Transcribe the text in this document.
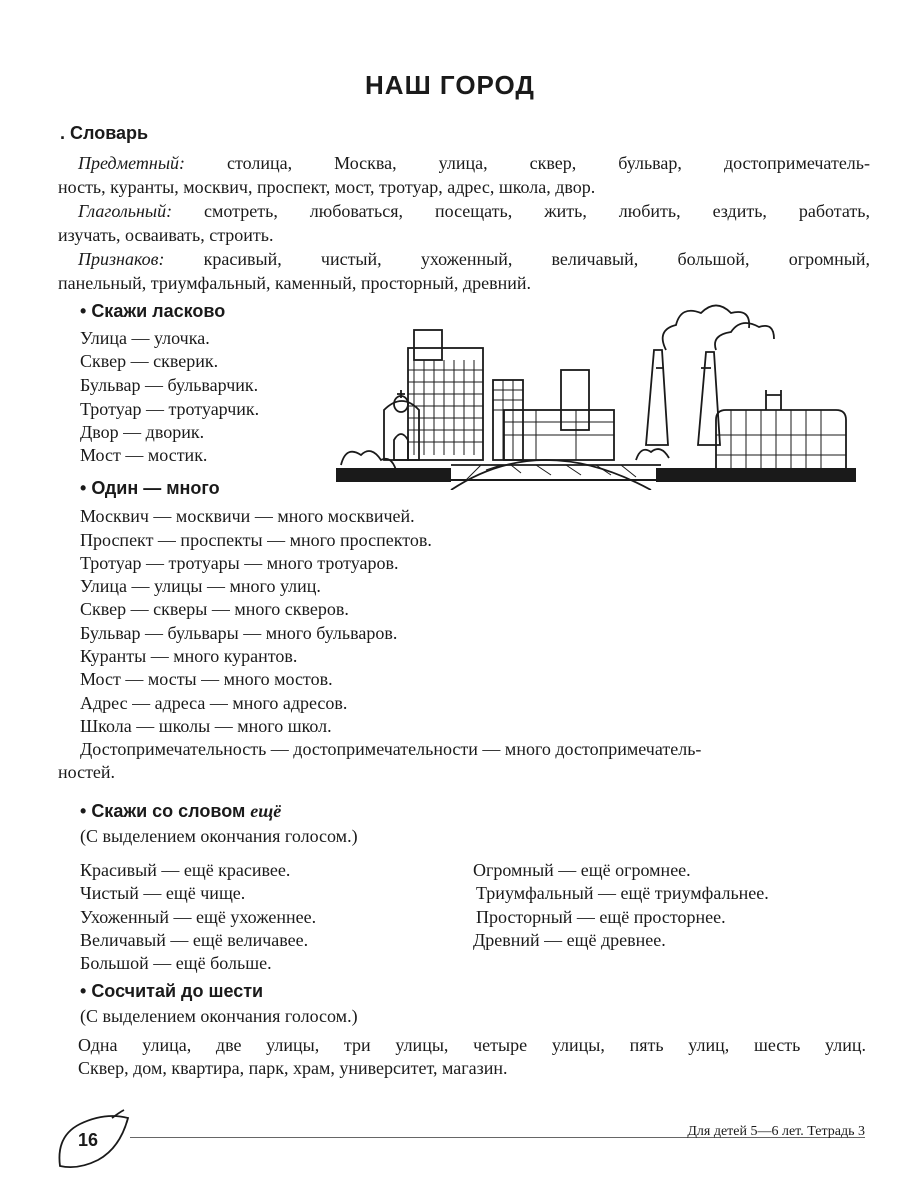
НАШ ГОРОД
. Словарь
Предметный: столица, Москва, улица, сквер, бульвар, достопримечатель-
ность, куранты, москвич, проспект, мост, тротуар, адрес, школа, двор.
Глагольный: смотреть, любоваться, посещать, жить, любить, ездить, работать,
изучать, осваивать, строить.
Признаков: красивый, чистый, ухоженный, величавый, большой, огромный,
панельный, триумфальный, каменный, просторный, древний.
• Скажи ласково
Улица — улочка.
Сквер — скверик.
Бульвар — бульварчик.
Тротуар — тротуарчик.
Двор — дворик.
Мост — мостик.
• Один — много
Москвич — москвичи — много москвичей.
Проспект — проспекты — много проспектов.
Тротуар — тротуары — много тротуаров.
Улица — улицы — много улиц.
Сквер — скверы — много скверов.
Бульвар — бульвары — много бульваров.
Куранты — много курантов.
Мост — мосты — много мостов.
Адрес — адреса — много адресов.
Школа — школы — много школ.
Достопримечательность — достопримечательности — много достопримечатель-
ностей.
• Скажи со словом ещё
(С выделением окончания голосом.)
Красивый — ещё красивее.
Чистый — ещё чище.
Ухоженный — ещё ухоженнее.
Величавый — ещё величавее.
Большой — ещё больше.
Огромный — ещё огромнее.
Триумфальный — ещё триумфальнее.
Просторный — ещё просторнее.
Древний — ещё древнее.
• Сосчитай до шести
(С выделением окончания голосом.)
Одна улица, две улицы, три улицы, четыре улицы, пять улиц, шесть улиц.
Сквер, дом, квартира, парк, храм, университет, магазин.
16	Для детей 5—6 лет. Тетрадь 3
